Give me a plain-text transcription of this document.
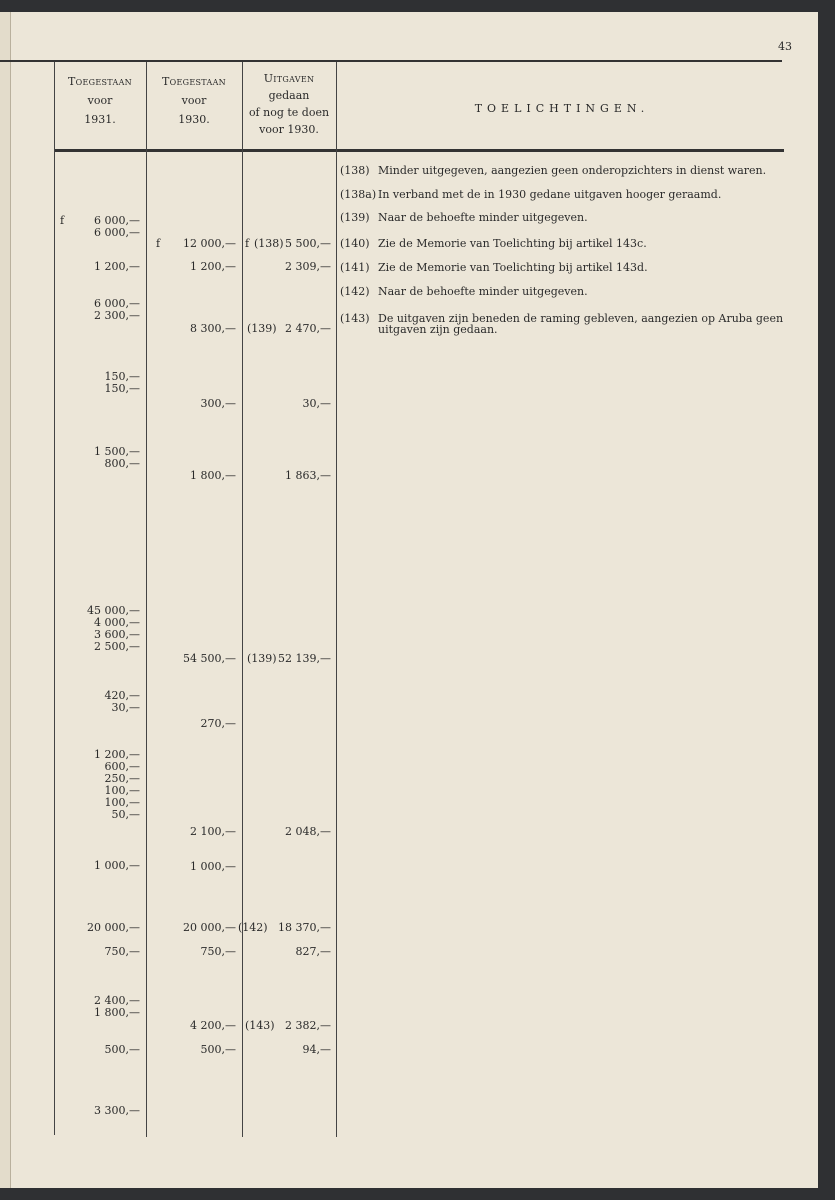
43
Toegestaan
voor
1931.
Toegestaan
voor
1930.
Uitgaven
gedaan
of nog te doen
voor 1930.
TOELICHTINGEN.
f
f	f
6 000,—
6 000,—
1 200,—
6 000,—
2 300,—
150,—
150,—
1 500,—
800,—
45 000,—
4 000,—
3 600,—
2 500,—
420,—
30,—
1 200,—
600,—
250,—
100,—
100,—
50,—
1 000,—
20 000,—
750,—
2 400,—
1 800,—
500,—
3 300,—
12 000,—
1 200,—
8 300,—
300,—
1 800,—
54 500,—
270,—
2 100,—
1 000,—
20 000,—
750,—
4 200,—
500,—
(138)
(139)
(139)
(142)
(143)
5 500,—
2 309,—
2 470,—
30,—
1 863,—
52 139,—
2 048,—
18 370,—
827,—
2 382,—
94,—
(138) Minder uitgegeven, aangezien geen onderopzichters in dienst waren.
(138a) In verband met de in 1930 gedane uitgaven hooger geraamd.
(139) Naar de behoefte minder uitgegeven.
(140) Zie de Memorie van Toelichting bij artikel 143c.
(141) Zie de Memorie van Toelichting bij artikel 143d.
(142) Naar de behoefte minder uitgegeven.
(143) De uitgaven zijn beneden de raming gebleven, aangezien op Aruba geen uitgaven zijn gedaan.
